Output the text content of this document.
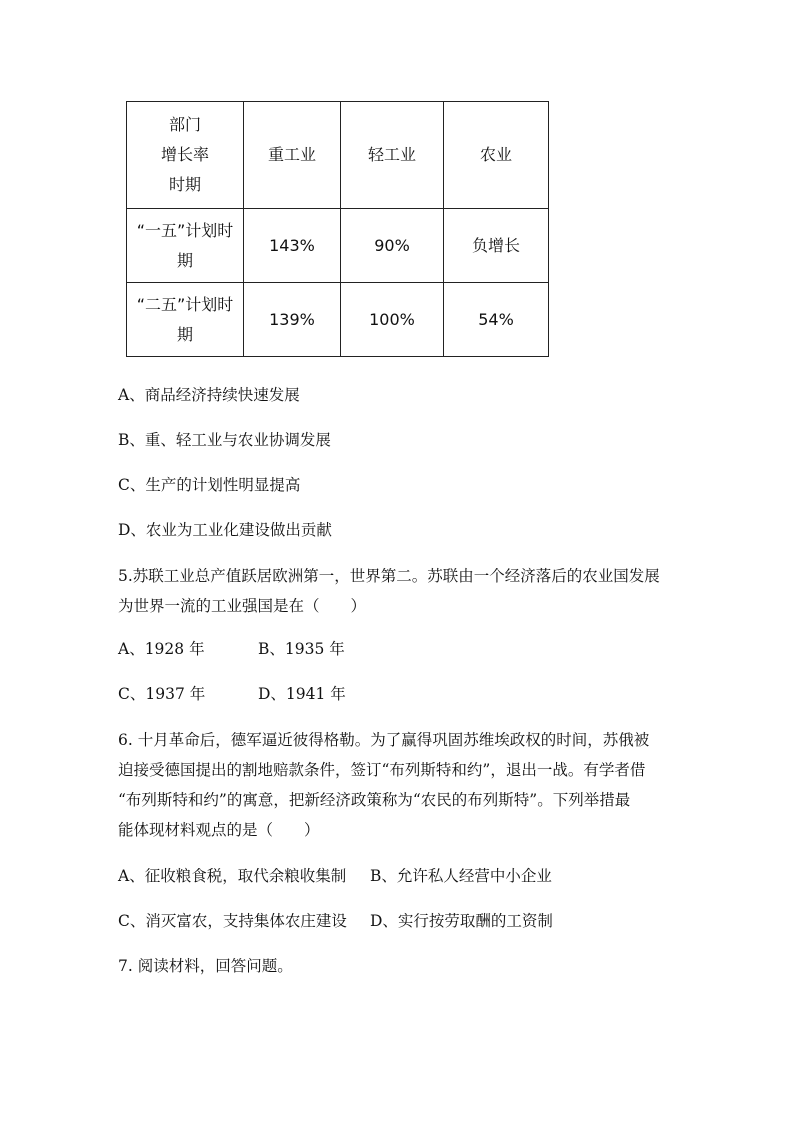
部门
增长率
时期	重工业	轻工业	农业

“一五”计划时
期	143%	90%	负增长

“二五”计划时
期	139%	100%	54%
A、商品经济持续快速发展
B、重、轻工业与农业协调发展
C、生产的计划性明显提高
D、农业为工业化建设做出贡献
5.苏联工业总产值跃居欧洲第一，世界第二。苏联由一个经济落后的农业国发展
为世界一流的工业强国是在（　　）
A、1928 年	B、1935 年
C、1937 年	D、1941 年
6. 十月革命后，德军逼近彼得格勒。为了赢得巩固苏维埃政权的时间，苏俄被
迫接受德国提出的割地赔款条件，签订“布列斯特和约”，退出一战。有学者借
“布列斯特和约”的寓意，把新经济政策称为“农民的布列斯特”。下列举措最
能体现材料观点的是（　　）
A、征收粮食税，取代余粮收集制 B、允许私人经营中小企业
C、消灭富农，支持集体农庄建设 D、实行按劳取酬的工资制
7. 阅读材料，回答问题。
